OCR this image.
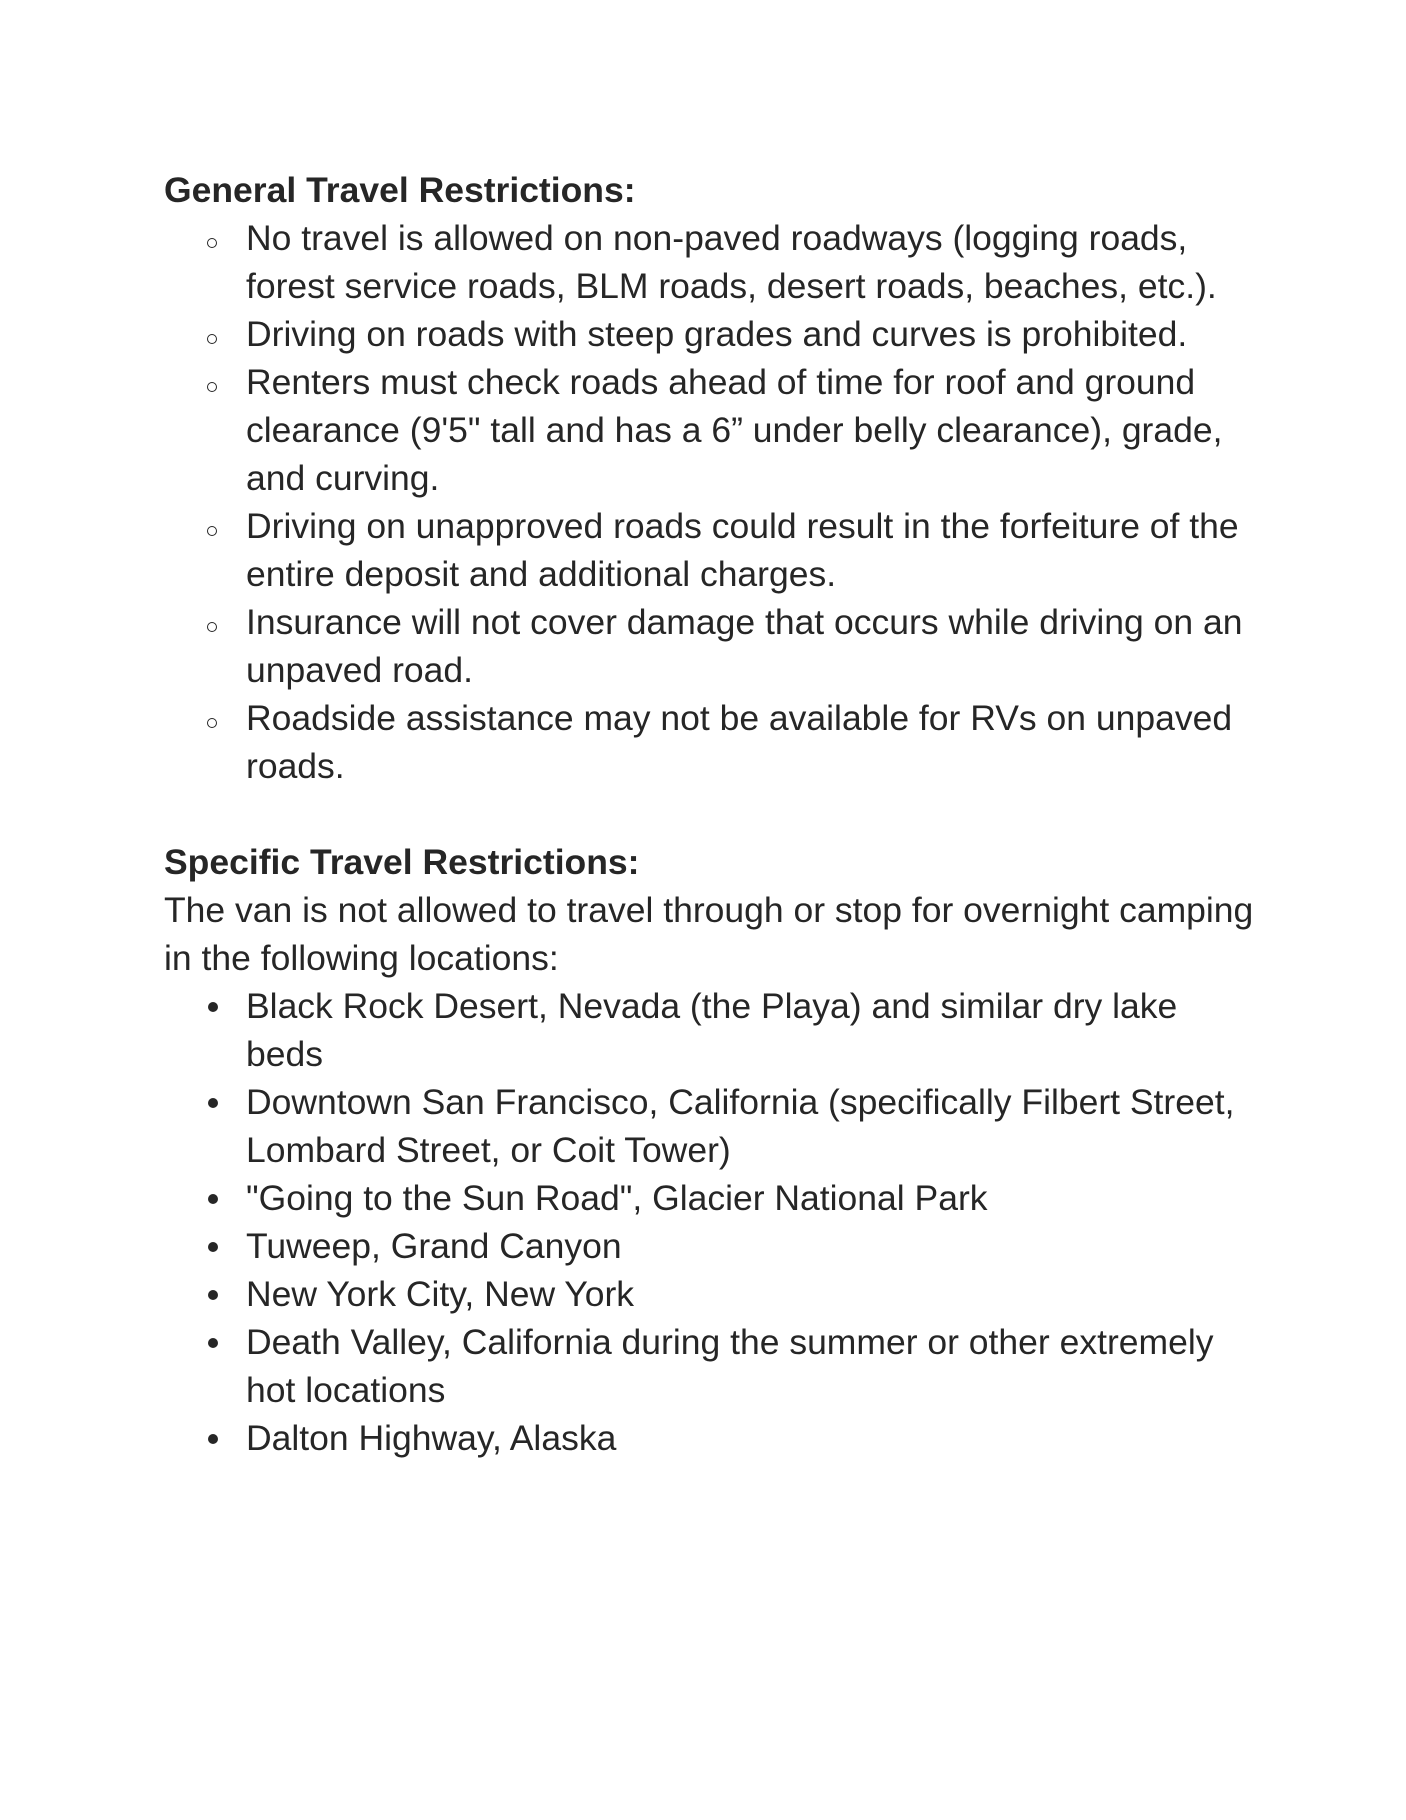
General Travel Restrictions:
No travel is allowed on non-paved roadways (logging roads, forest service roads, BLM roads, desert roads, beaches, etc.).
Driving on roads with steep grades and curves is prohibited.
Renters must check roads ahead of time for roof and ground clearance (9'5" tall and has a 6” under belly clearance), grade, and curving.
Driving on unapproved roads could result in the forfeiture of the entire deposit and additional charges.
Insurance will not cover damage that occurs while driving on an unpaved road.
Roadside assistance may not be available for RVs on unpaved roads.
Specific Travel Restrictions:

The van is not allowed to travel through or stop for overnight camping in the following locations:

Black Rock Desert, Nevada (the Playa) and similar dry lake beds
Downtown San Francisco, California (specifically Filbert Street, Lombard Street, or Coit Tower)
"Going to the Sun Road", Glacier National Park
Tuweep, Grand Canyon
New York City, New York
Death Valley, California during the summer or other extremely hot locations
Dalton Highway, Alaska
